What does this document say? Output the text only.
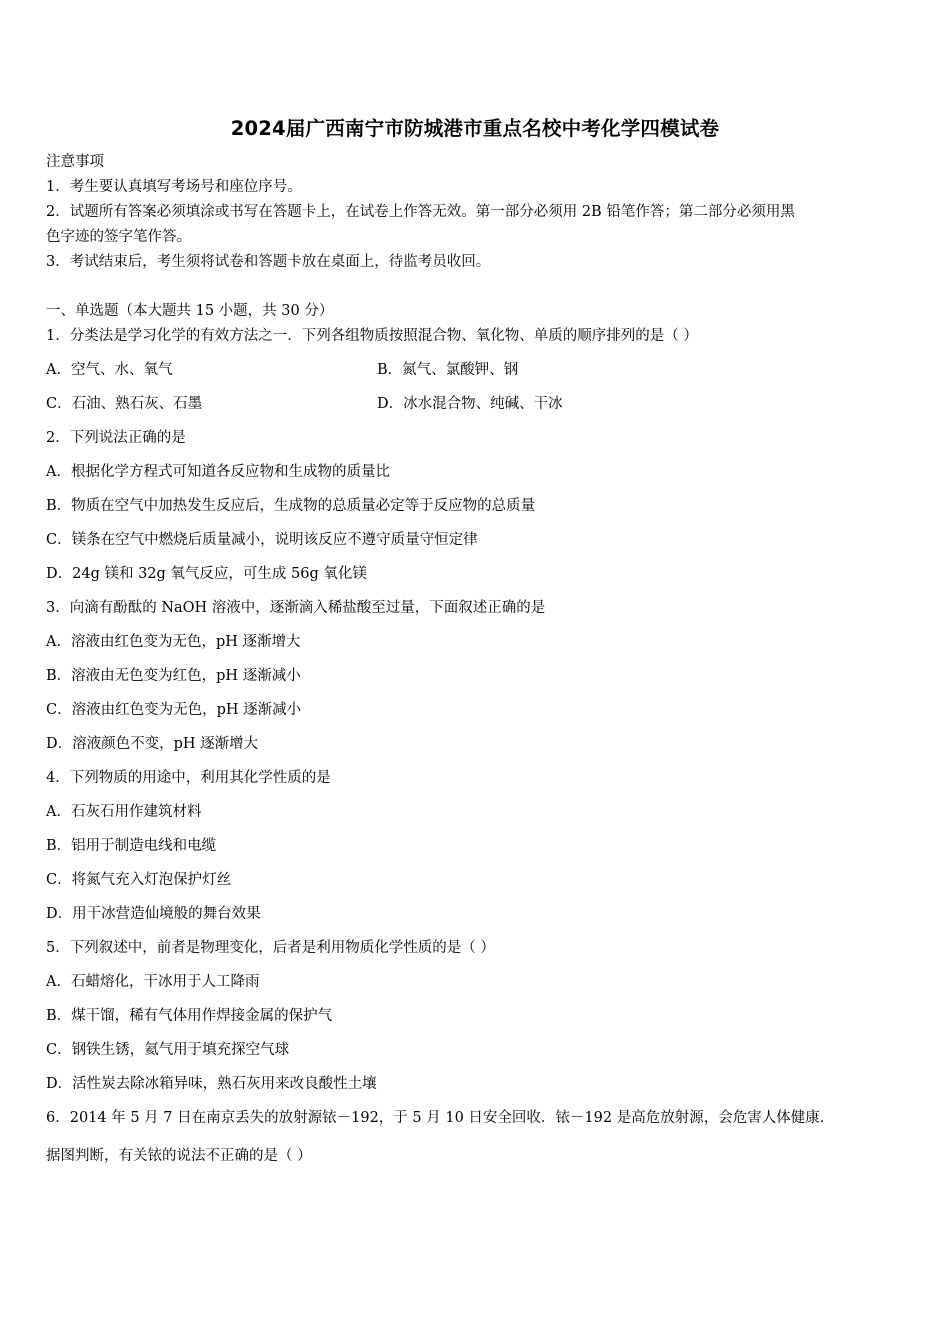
2024届广西南宁市防城港市重点名校中考化学四模试卷
注意事项
1．考生要认真填写考场号和座位序号。
2．试题所有答案必须填涂或书写在答题卡上，在试卷上作答无效。第一部分必须用 2B 铅笔作答；第二部分必须用黑
色字迹的签字笔作答。
3．考试结束后，考生须将试卷和答题卡放在桌面上，待监考员收回。
一、单选题（本大题共 15 小题，共 30 分）
1．分类法是学习化学的有效方法之一．下列各组物质按照混合物、氧化物、单质的顺序排列的是（ ）
A．空气、水、氧气	B．氮气、氯酸钾、钢
C．石油、熟石灰、石墨	D．冰水混合物、纯碱、干冰
2．下列说法正确的是
A．根据化学方程式可知道各反应物和生成物的质量比
B．物质在空气中加热发生反应后，生成物的总质量必定等于反应物的总质量
C．镁条在空气中燃烧后质量减小，说明该反应不遵守质量守恒定律
D．24g 镁和 32g 氧气反应，可生成 56g 氧化镁
3．向滴有酚酞的 NaOH 溶液中，逐渐滴入稀盐酸至过量，下面叙述正确的是
A．溶液由红色变为无色，pH 逐渐增大
B．溶液由无色变为红色，pH 逐渐减小
C．溶液由红色变为无色，pH 逐渐减小
D．溶液颜色不变，pH 逐渐增大
4．下列物质的用途中，利用其化学性质的是
A．石灰石用作建筑材料
B．铝用于制造电线和电缆
C．将氮气充入灯泡保护灯丝
D．用干冰营造仙境般的舞台效果
5．下列叙述中，前者是物理变化，后者是利用物质化学性质的是（ ）
A．石蜡熔化，干冰用于人工降雨
B．煤干馏，稀有气体用作焊接金属的保护气
C．钢铁生锈，氦气用于填充探空气球
D．活性炭去除冰箱异味，熟石灰用来改良酸性土壤
6．2014 年 5 月 7 日在南京丢失的放射源铱－192，于 5 月 10 日安全回收．铱－192 是高危放射源，会危害人体健康．
据图判断，有关铱的说法不正确的是（ ）
